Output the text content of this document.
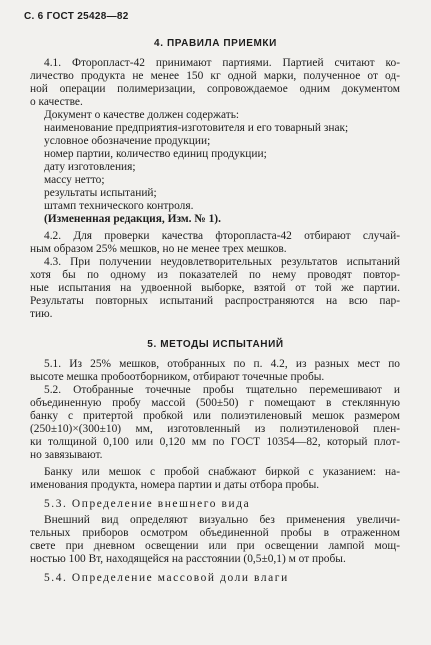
С. 6 ГОСТ 25428—82
4. ПРАВИЛА ПРИЕМКИ
4.1. Фторопласт-42 принимают партиями. Партией считают ко-
личество продукта не менее 150 кг одной марки, полученное от од-
ной операции полимеризации, сопровождаемое одним документом
о качестве.
Документ о качестве должен содержать:
наименование предприятия-изготовителя и его товарный знак;
условное обозначение продукции;
номер партии, количество единиц продукции;
дату изготовления;
массу нетто;
результаты испытаний;
штамп технического контроля.
(Измененная редакция, Изм. № 1).
4.2. Для проверки качества фторопласта-42 отбирают случай-
ным образом 25% мешков, но не менее трех мешков.
4.3. При получении неудовлетворительных результатов испытаний
хотя бы по одному из показателей по нему проводят повтор-
ные испытания на удвоенной выборке, взятой от той же партии.
Результаты повторных испытаний распространяются на всю пар-
тию.
5. МЕТОДЫ ИСПЫТАНИЙ
5.1. Из 25% мешков, отобранных по п. 4.2, из разных мест по
высоте мешка пробоотборником, отбирают точечные пробы.
5.2. Отобранные точечные пробы тщательно перемешивают и
объединенную пробу массой (500±50) г помещают в стеклянную
банку с притертой пробкой или полиэтиленовый мешок размером
(250±10)×(300±10) мм, изготовленный из полиэтиленовой плен-
ки толщиной 0,100 или 0,120 мм по ГОСТ 10354—82, который плот-
но завязывают.
Банку или мешок с пробой снабжают биркой с указанием: на-
именования продукта, номера партии и даты отбора пробы.
5.3. Определение внешнего вида
Внешний вид определяют визуально без применения увеличи-
тельных приборов осмотром объединенной пробы в отраженном
свете при дневном освещении или при освещении лампой мощ-
ностью 100 Вт, находящейся на расстоянии (0,5±0,1) м от пробы.
5.4. Определение массовой доли влаги
